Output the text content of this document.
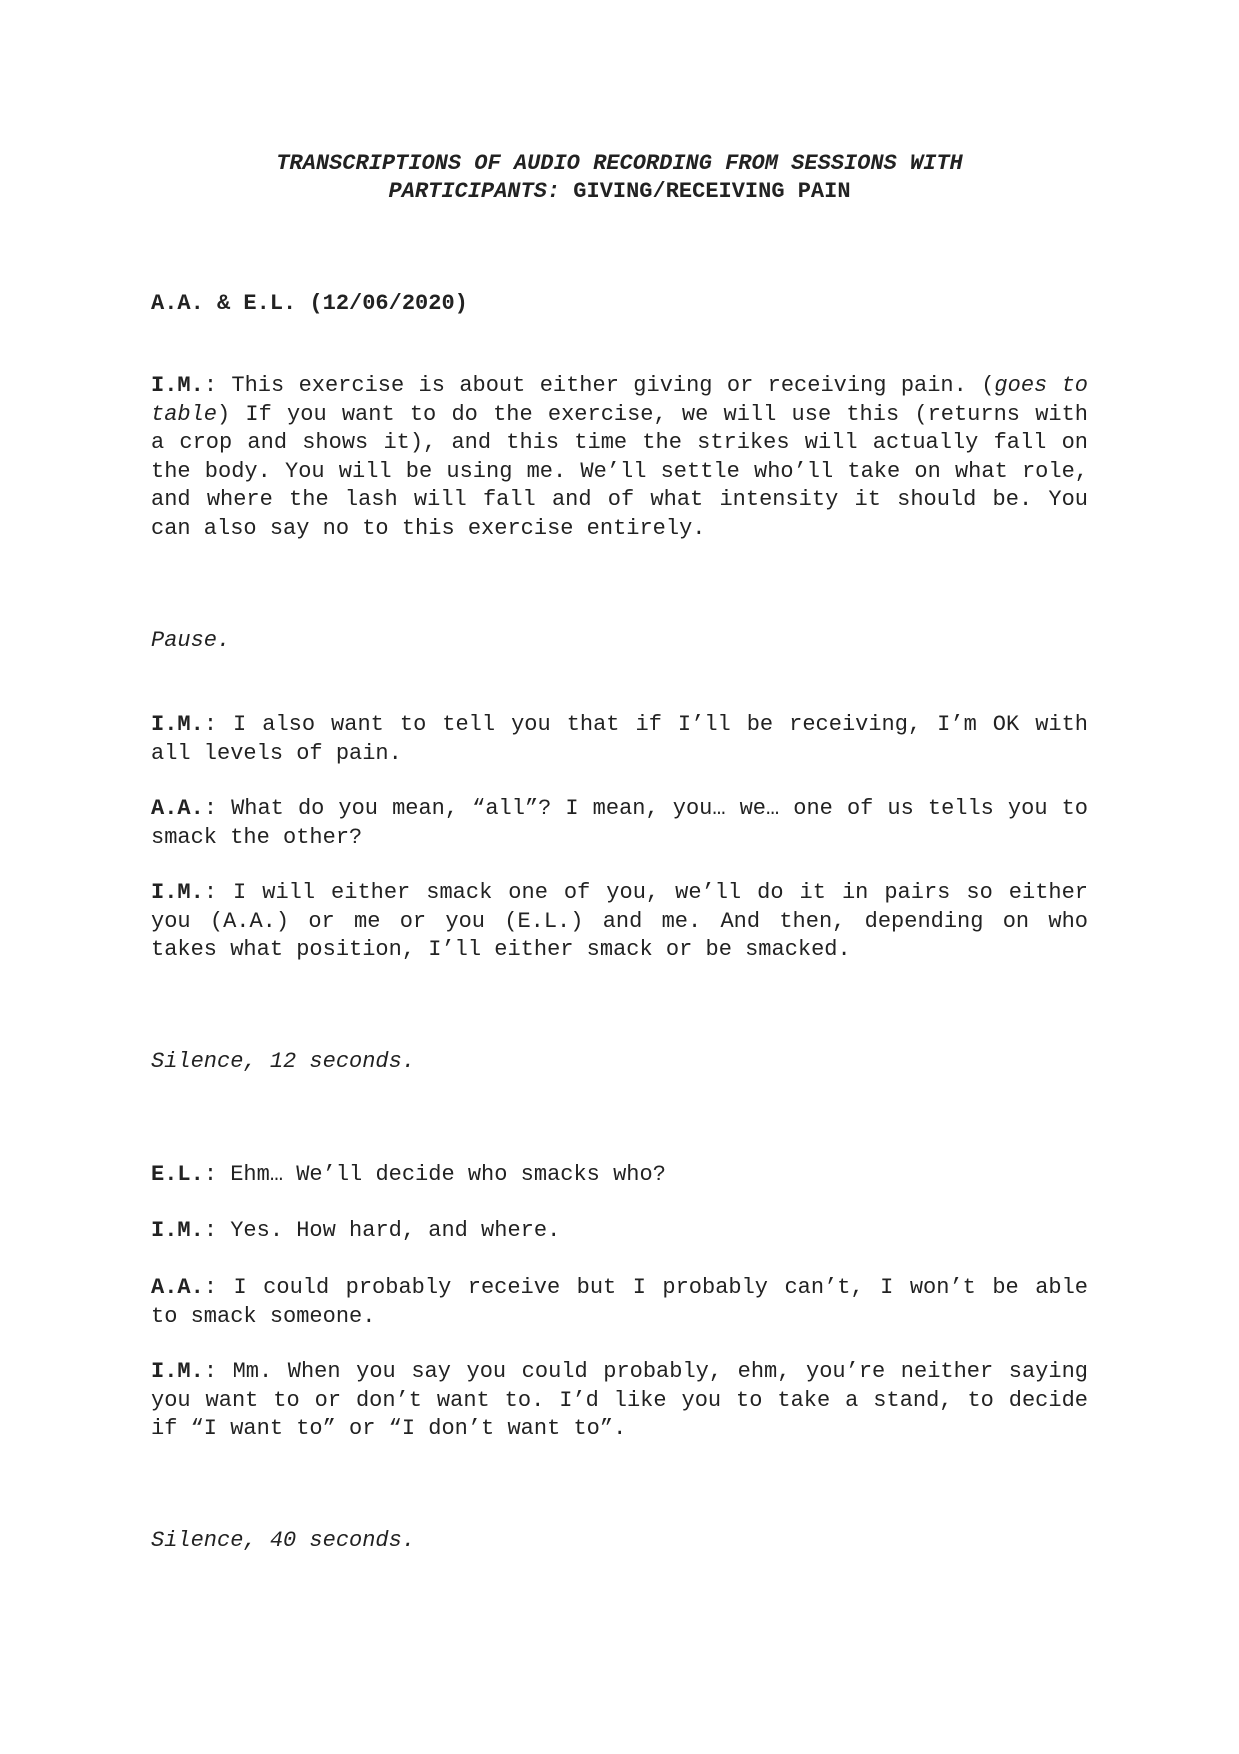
TRANSCRIPTIONS OF AUDIO RECORDING FROM SESSIONS WITH
PARTICIPANTS: GIVING/RECEIVING PAIN
A.A. & E.L. (12/06/2020)
I.M.: This exercise is about either giving or receiving pain. (goes to table) If you want to do the exercise, we will use this (returns with a crop and shows it), and this time the strikes will actually fall on the body. You will be using me. We’ll settle who’ll take on what role, and where the lash will fall and of what intensity it should be. You can also say no to this exercise entirely.
Pause.
I.M.: I also want to tell you that if I’ll be receiving, I’m OK with all levels of pain.
A.A.: What do you mean, “all”? I mean, you… we… one of us tells you to smack the other?
I.M.: I will either smack one of you, we’ll do it in pairs so either you (A.A.) or me or you (E.L.) and me. And then, depending on who takes what position, I’ll either smack or be smacked.
Silence, 12 seconds.
E.L.: Ehm… We’ll decide who smacks who?
I.M.: Yes. How hard, and where.
A.A.: I could probably receive but I probably can’t, I won’t be able to smack someone.
I.M.: Mm. When you say you could probably, ehm, you’re neither saying you want to or don’t want to. I’d like you to take a stand, to decide if “I want to” or “I don’t want to”.
Silence, 40 seconds.
